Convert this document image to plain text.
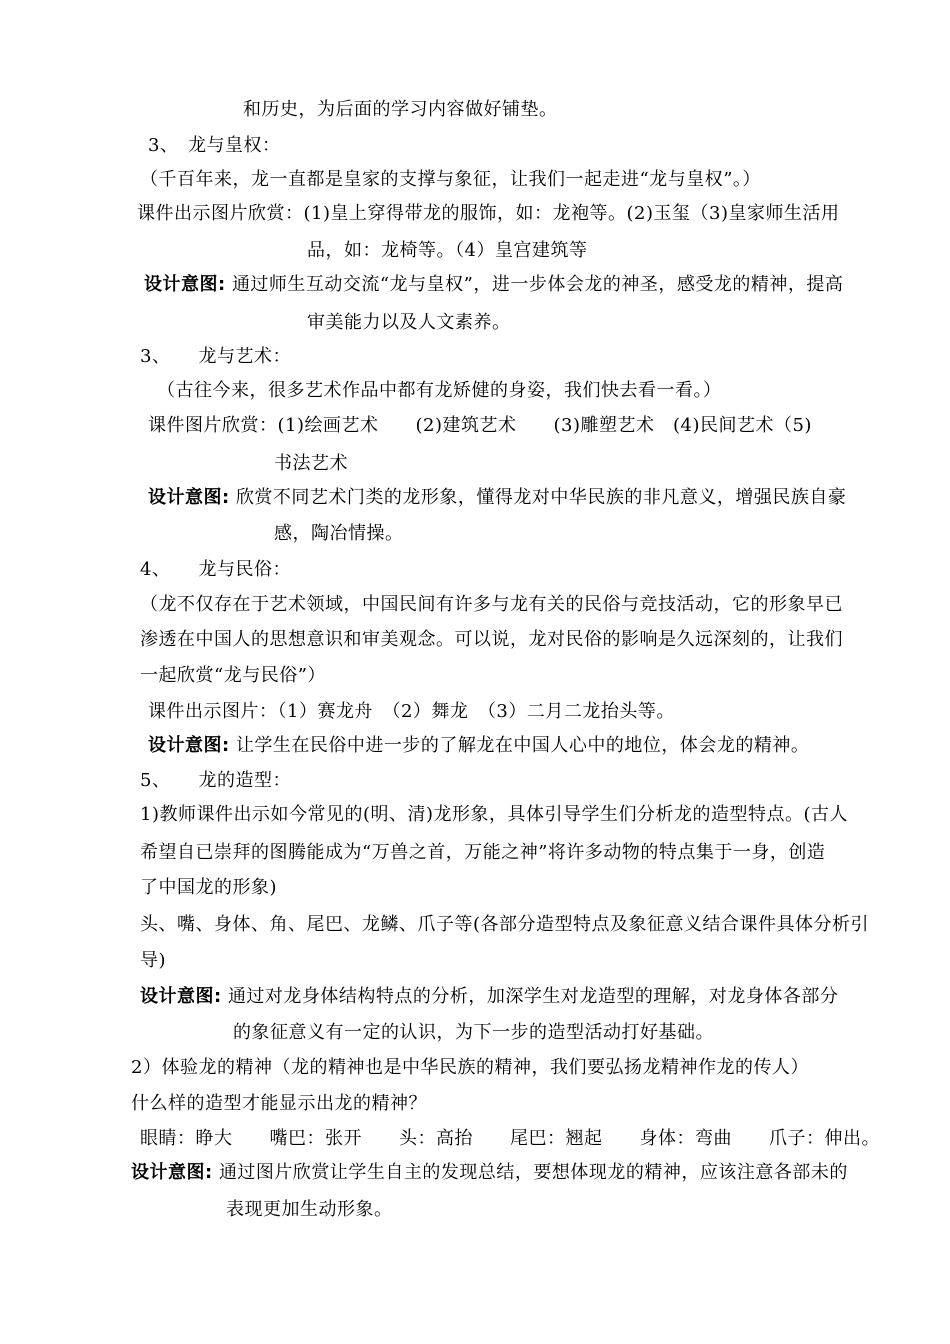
和历史，为后面的学习内容做好铺垫。
3、　龙与皇权：
（千百年来，龙一直都是皇家的支撑与象征，让我们一起走进“龙与皇权”。）
课件出示图片欣赏：(1)皇上穿得带龙的服饰，如：龙袍等。(2)玉玺（3)皇家师生活用
品，如：龙椅等。（4）皇宫建筑等
设计意图: 通过师生互动交流“龙与皇权”，进一步体会龙的神圣，感受龙的精神，提高
审美能力以及人文素养。
3、　　龙与艺术：
（古往今来，很多艺术作品中都有龙矫健的身姿，我们快去看一看。）
课件图片欣赏：(1)绘画艺术　　(2)建筑艺术　　(3)雕塑艺术　(4)民间艺术（5)
书法艺术
设计意图: 欣赏不同艺术门类的龙形象，懂得龙对中华民族的非凡意义，增强民族自豪
感，陶冶情操。
4、　　龙与民俗：
（龙不仅存在于艺术领域，中国民间有许多与龙有关的民俗与竞技活动，它的形象早已
渗透在中国人的思想意识和审美观念。可以说，龙对民俗的影响是久远深刻的，让我们
一起欣赏“龙与民俗”）
课件出示图片：（1）赛龙舟　（2）舞龙　（3）二月二龙抬头等。
设计意图: 让学生在民俗中进一步的了解龙在中国人心中的地位，体会龙的精神。
5、　　龙的造型：
1)教师课件出示如今常见的(明、清)龙形象，具体引导学生们分析龙的造型特点。(古人
希望自已崇拜的图腾能成为“万兽之首，万能之神”将许多动物的特点集于一身，创造
了中国龙的形象)
头、嘴、身体、角、尾巴、龙鳞、爪子等(各部分造型特点及象征意义结合课件具体分析引
导)
设计意图: 通过对龙身体结构特点的分析，加深学生对龙造型的理解，对龙身体各部分
的象征意义有一定的认识，为下一步的造型活动打好基础。
2）体验龙的精神（龙的精神也是中华民族的精神，我们要弘扬龙精神作龙的传人）
什么样的造型才能显示出龙的精神？
眼睛：睁大　　嘴巴：张开　　头：高抬　　尾巴：翘起　　身体：弯曲　　爪子：伸出。
设计意图: 通过图片欣赏让学生自主的发现总结，要想体现龙的精神，应该注意各部未的
表现更加生动形象。
